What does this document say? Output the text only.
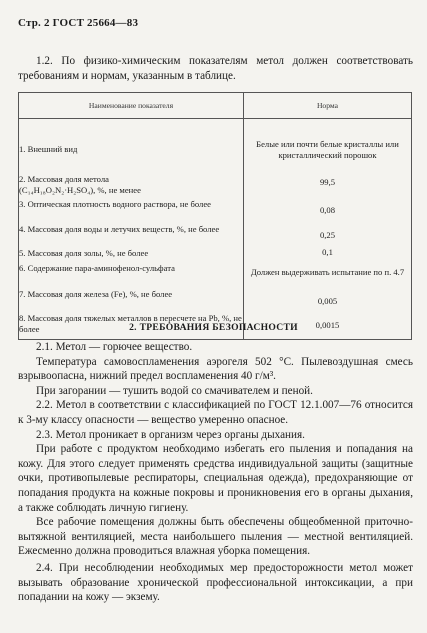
Стр. 2 ГОСТ 25664—83
1.2. По физико-химическим показателям метол должен соответствовать требованиям и нормам, указанным в таблице.
Наименование показателя	Норма
1. Внешний вид	Белые или почти белые кристаллы или кристаллический порошок

2. Массовая доля метола
(C₁₄H₁₈O₂N₂·H₂SO₄), %, не менее	99,5
3. Оптическая плотность водного раствора, не более	0,08
4. Массовая доля воды и летучих веществ, %, не более	0,25
5. Массовая доля золы, %, не более	0,1
6. Содержание пара-аминофенол-сульфата	Должен выдерживать испытание по п. 4.7
7. Массовая доля железа (Fe), %, не более	0,005
8. Массовая доля тяжелых металлов в пересчете на Pb, %, не более	0,0015
2. ТРЕБОВАНИЯ БЕЗОПАСНОСТИ

2.1. Метол — горючее вещество.

Температура самовоспламенения аэрогеля 502 °С. Пылевоздушная смесь взрывоопасна, нижний предел воспламенения 40 г/м³.

При загорании — тушить водой со смачивателем и пеной.

2.2. Метол в соответствии с классификацией по ГОСТ 12.1.007—76 относится к 3-му классу опасности — вещество умеренно опасное.

2.3. Метол проникает в организм через органы дыхания.

При работе с продуктом необходимо избегать его пыления и попадания на кожу. Для этого следует применять средства индивидуальной защиты (защитные очки, противопылевые респираторы, специальная одежда), предохраняющие от попадания продукта на кожные покровы и проникновения его в органы дыхания, а также соблюдать личную гигиену.

Все рабочие помещения должны быть обеспечены общеобменной приточно-вытяжной вентиляцией, места наибольшего пыления — местной вентиляцией. Ежесменно должна проводиться влажная уборка помещения.

2.4. При несоблюдении необходимых мер предосторожности метол может вызывать образование хронической профессиональной интоксикации, а при попадании на кожу — экзему.
